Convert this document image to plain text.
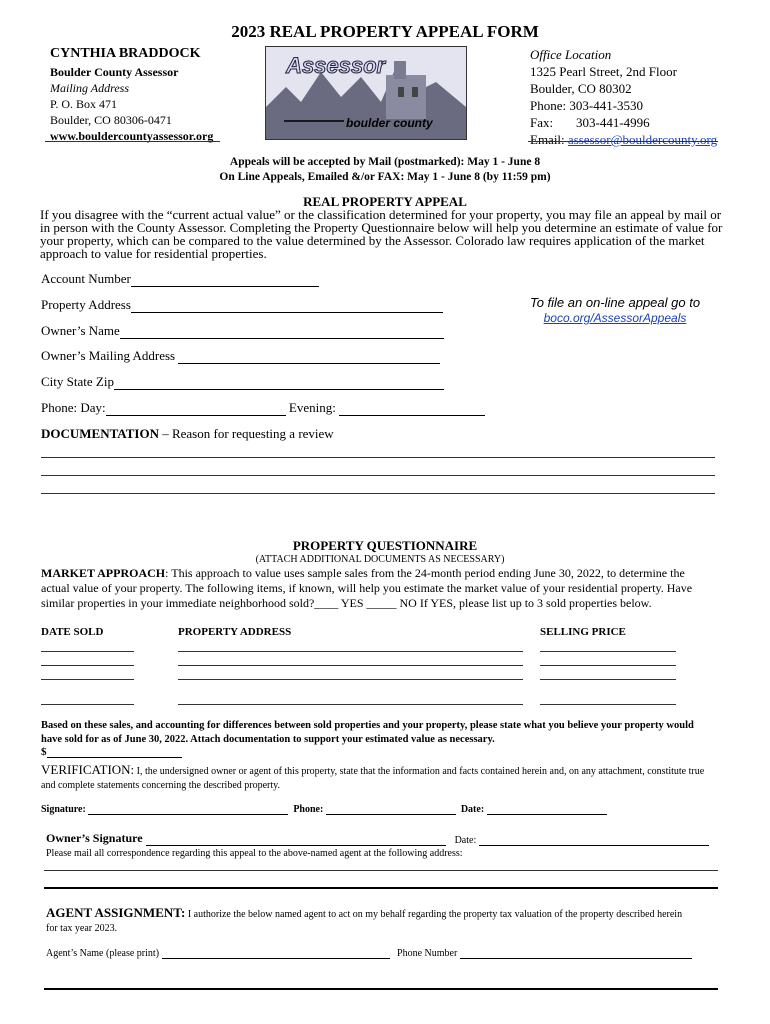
2023 REAL PROPERTY APPEAL FORM
CYNTHIA BRADDOCK
Boulder County Assessor
Mailing Address
P. O. Box 471
Boulder, CO 80306-0471
www.bouldercountyassessor.org
Assessor
boulder county
Office Location
1325 Pearl Street, 2nd Floor
Boulder, CO 80302
Phone: 303-441-3530
Fax: 303-441-4996
Email: assessor@bouldercounty.org
Appeals will be accepted by Mail (postmarked): May 1 - June 8
On Line Appeals, Emailed &/or FAX: May 1 - June 8 (by 11:59 pm)
REAL PROPERTY APPEAL
If you disagree with the “current actual value” or the classification determined for your property, you may file an appeal by mail or in person with the County Assessor. Completing the Property Questionnaire below will help you determine an estimate of value for your property, which can be compared to the value determined by the Assessor. Colorado law requires application of the market approach to value for residential properties.
Account Number
Property Address
Owner’s Name
Owner’s Mailing Address

City State Zip
Phone: Day:
	Evening:

To file an on-line appeal go to
boco.org/AssessorAppeals
DOCUMENTATION – Reason for requesting a review
PROPERTY QUESTIONNAIRE
(ATTACH ADDITIONAL DOCUMENTS AS NECESSARY)
MARKET APPROACH: This approach to value uses sample sales from the 24-month period ending June 30, 2022, to determine the actual value of your property. The following items, if known, will help you estimate the market value of your residential property. Have similar properties in your immediate neighborhood sold?____ YES _____ NO If YES, please list up to 3 sold properties below.
DATE SOLD	PROPERTY ADDRESS	SELLING PRICE
Based on these sales, and accounting for differences between sold properties and your property, please state what you believe your property would have sold for as of June 30, 2022. Attach documentation to support your estimated value as necessary.
$
VERIFICATION: I, the undersigned owner or agent of this property, state that the information and facts contained herein and, on any attachment, constitute true and complete statements concerning the described property.
Signature:

	Phone:

	Date:

Owner’s Signature

	Date:

Please mail all correspondence regarding this appeal to the above-named agent at the following address:
AGENT ASSIGNMENT: I authorize the below named agent to act on my behalf regarding the property tax valuation of the property described herein for tax year 2023.
Agent’s Name (please print)

	Phone Number
